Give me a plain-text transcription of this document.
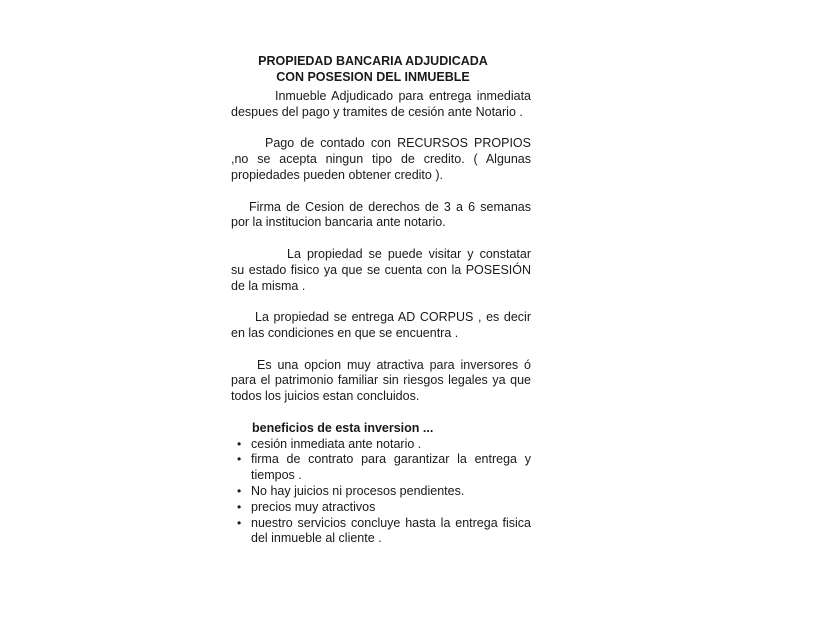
PROPIEDAD BANCARIA ADJUDICADA
CON POSESION DEL INMUEBLE

Inmueble Adjudicado para entrega inmediata despues del pago y tramites de cesión ante Notario .

Pago de contado con RECURSOS PROPIOS ,no se acepta ningun tipo de credito. ( Algunas propiedades pueden obtener credito ).

Firma de Cesion de derechos de 3 a 6 semanas por la institucion bancaria ante notario.

La propiedad se puede visitar y constatar su estado fisico ya que se cuenta con la POSESIÓN de la misma .

La propiedad se entrega AD CORPUS , es decir en las condiciones en que se encuentra .

Es una opcion muy atractiva para inversores ó para el patrimonio familiar sin riesgos legales ya que todos los juicios estan concluidos.

beneficios de esta inversion ...
• cesión inmediata ante notario .
• firma de contrato para garantizar la entrega y tiempos .
• No hay juicios ni procesos pendientes.
• precios muy atractivos
• nuestro servicios concluye hasta la entrega fisica del inmueble al cliente .
